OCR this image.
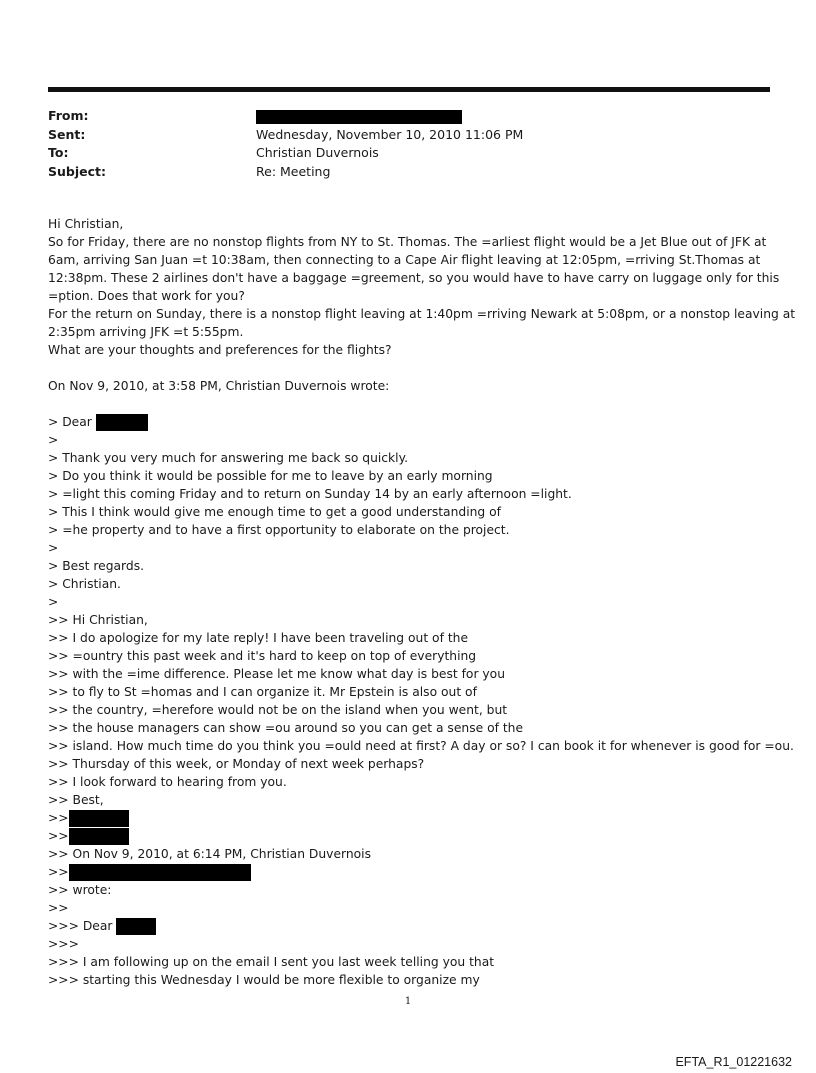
From:
Sent:	Wednesday, November 10, 2010 11:06 PM
To:	Christian Duvernois
Subject:	Re: Meeting
Hi Christian,
So for Friday, there are no nonstop flights from NY to St. Thomas. The =arliest flight would be a Jet Blue out of JFK at
6am, arriving San Juan =t 10:38am, then connecting to a Cape Air flight leaving at 12:05pm, =rriving St.Thomas at
12:38pm. These 2 airlines don't have a baggage =greement, so you would have to have carry on luggage only for this
=ption. Does that work for you?
For the return on Sunday, there is a nonstop flight leaving at 1:40pm =rriving Newark at 5:08pm, or a nonstop leaving at
2:35pm arriving JFK =t 5:55pm.
What are your thoughts and preferences for the flights?
On Nov 9, 2010, at 3:58 PM, Christian Duvernois wrote:
> Dear
>
> Thank you very much for answering me back so quickly.
> Do you think it would be possible for me to leave by an early morning
> =light this coming Friday and to return on Sunday 14 by an early afternoon =light.
> This I think would give me enough time to get a good understanding of
> =he property and to have a first opportunity to elaborate on the project.
>
> Best regards.
> Christian.
>
>> Hi Christian,
>> I do apologize for my late reply! I have been traveling out of the
>> =ountry this past week and it's hard to keep on top of everything
>> with the =ime difference. Please let me know what day is best for you
>> to fly to St =homas and I can organize it. Mr Epstein is also out of
>> the country, =herefore would not be on the island when you went, but
>> the house managers can show =ou around so you can get a sense of the
>> island. How much time do you think you =ould need at first? A day or so? I can book it for whenever is good for =ou.
>> Thursday of this week, or Monday of next week perhaps?
>> I look forward to hearing from you.
>> Best,
>>
>>
>> On Nov 9, 2010, at 6:14 PM, Christian Duvernois
>>
>> wrote:
>>
>>> Dear
>>>
>>> I am following up on the email I sent you last week telling you that
>>> starting this Wednesday I would be more flexible to organize my
1
EFTA_R1_01221632
